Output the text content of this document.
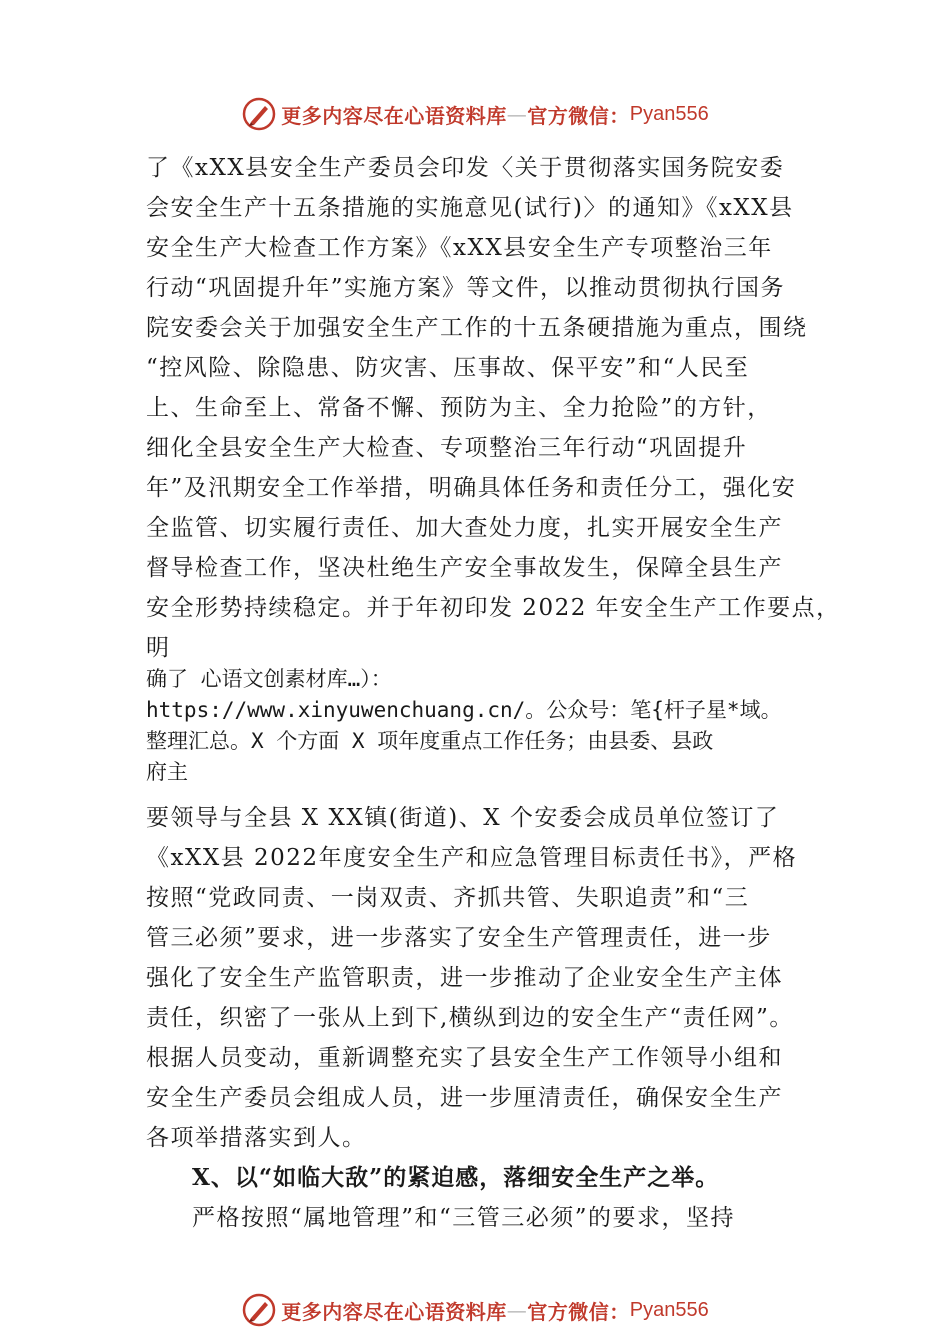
更多内容尽在心语资料库 — 官方微信： Pyan556
了《xXX县安全生产委员会印发〈关于贯彻落实国务院安委
会安全生产十五条措施的实施意见(试行)〉的通知》《xXX县
安全生产大检查工作方案》《xXX县安全生产专项整治三年
行动“巩固提升年”实施方案》等文件，以推动贯彻执行国务
院安委会关于加强安全生产工作的十五条硬措施为重点，围绕
“控风险、除隐患、防灾害、压事故、保平安”和“人民至
上、生命至上、常备不懈、预防为主、全力抢险”的方针，
细化全县安全生产大检查、专项整治三年行动“巩固提升
年”及汛期安全工作举措，明确具体任务和责任分工，强化安
全监管、切实履行责任、加大查处力度，扎实开展安全生产
督导检查工作，坚决杜绝生产安全事故发生，保障全县生产
安全形势持续稳定。并于年初印发 2022 年安全生产工作要点，
明
确了 心语文创素材库…）：
https://www.xinyuwenchuang.cn/。公众号：笔{杆子星*域。
整理汇总。X 个方面 X 项年度重点工作任务；由县委、县政
府主
要领导与全县 X XX镇(街道)、X 个安委会成员单位签订了
《xXX县 2022年度安全生产和应急管理目标责任书》，严格
按照“党政同责、一岗双责、齐抓共管、失职追责”和“三
管三必须”要求，进一步落实了安全生产管理责任，进一步
强化了安全生产监管职责，进一步推动了企业安全生产主体
责任，织密了一张从上到下,横纵到边的安全生产“责任网”。
根据人员变动，重新调整充实了县安全生产工作领导小组和
安全生产委员会组成人员，进一步厘清责任，确保安全生产
各项举措落实到人。
X、以“如临大敌”的紧迫感，落细安全生产之举。
严格按照“属地管理”和“三管三必须”的要求，坚持
更多内容尽在心语资料库 — 官方微信： Pyan556
